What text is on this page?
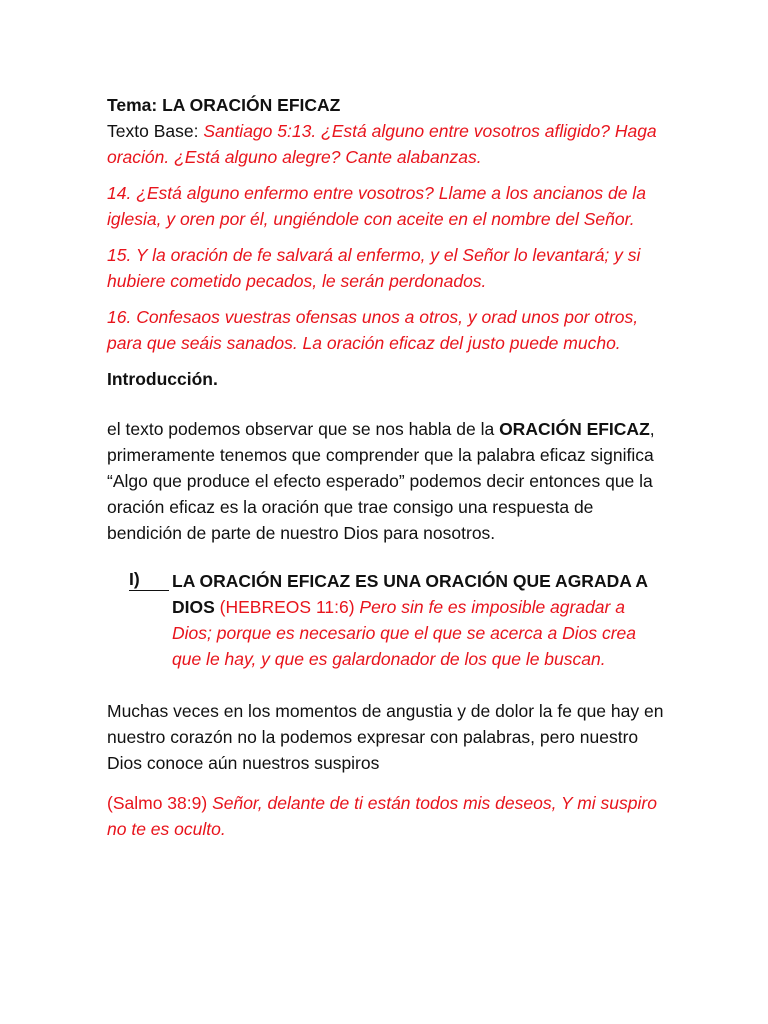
Tema: LA ORACIÓN EFICAZ

Texto Base: Santiago 5:13. ¿Está alguno entre vosotros afligido? Haga oración. ¿Está alguno alegre? Cante alabanzas.

14. ¿Está alguno enfermo entre vosotros? Llame a los ancianos de la iglesia, y oren por él, ungiéndole con aceite en el nombre del Señor.

15. Y la oración de fe salvará al enfermo, y el Señor lo levantará; y si hubiere cometido pecados, le serán perdonados.

16. Confesaos vuestras ofensas unos a otros, y orad unos por otros, para que seáis sanados. La oración eficaz del justo puede mucho.

Introducción.

el texto podemos observar que se nos habla de la ORACIÓN EFICAZ, primeramente tenemos que comprender que la palabra eficaz significa “Algo que produce el efecto esperado” podemos decir entonces que la oración eficaz es la oración que trae consigo una respuesta de bendición de parte de nuestro Dios para nosotros.

I)	LA ORACIÓN EFICAZ ES UNA ORACIÓN QUE AGRADA A DIOS (HEBREOS 11:6) Pero sin fe es imposible agradar a Dios; porque es necesario que el que se acerca a Dios crea que le hay, y que es galardonador de los que le buscan.

Muchas veces en los momentos de angustia y de dolor la fe que hay en nuestro corazón no la podemos expresar con palabras, pero nuestro Dios conoce aún nuestros suspiros

(Salmo 38:9) Señor, delante de ti están todos mis deseos, Y mi suspiro no te es oculto.
